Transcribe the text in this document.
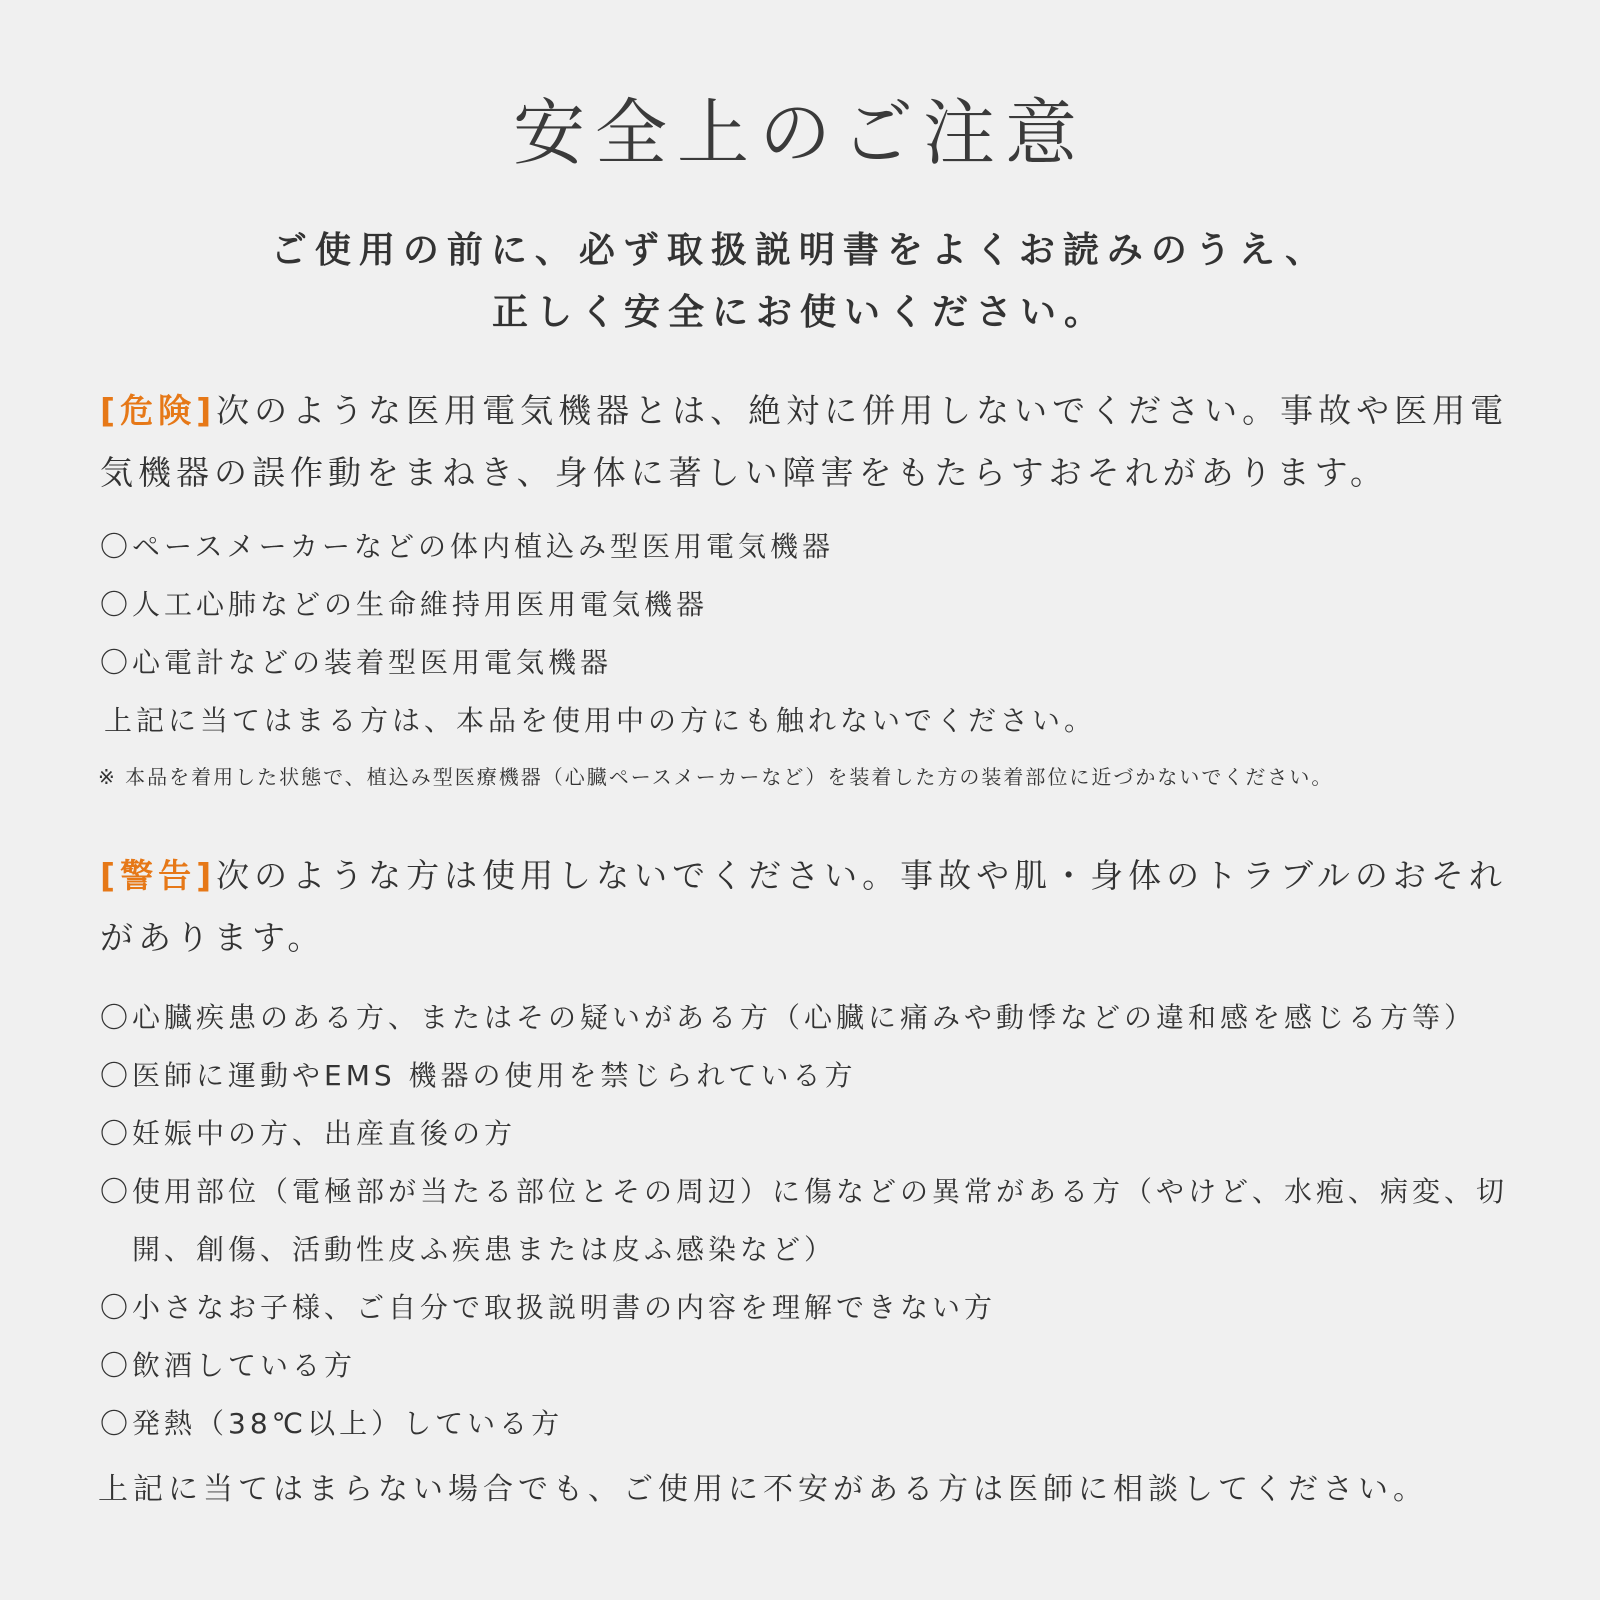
安全上のご注意
ご使用の前に、必ず取扱説明書をよくお読みのうえ、
正しく安全にお使いください。

[危険]次のような医用電気機器とは、絶対に併用しないでください。事故や医用電気機器の誤作動をまねき、身体に著しい障害をもたらすおそれがあります。

〇ペースメーカーなどの体内植込み型医用電気機器
〇人工心肺などの生命維持用医用電気機器
〇心電計などの装着型医用電気機器

上記に当てはまる方は、本品を使用中の方にも触れないでください。

※ 本品を着用した状態で、植込み型医療機器（心臓ペースメーカーなど）を装着した方の装着部位に近づかないでください。

[警告]次のような方は使用しないでください。事故や肌・身体のトラブルのおそれがあります。

〇心臓疾患のある方、またはその疑いがある方（心臓に痛みや動悸などの違和感を感じる方等）
〇医師に運動やEMS 機器の使用を禁じられている方
〇妊娠中の方、出産直後の方
〇使用部位（電極部が当たる部位とその周辺）に傷などの異常がある方（やけど、水疱、病変、切開、創傷、活動性皮ふ疾患または皮ふ感染など）
〇小さなお子様、ご自分で取扱説明書の内容を理解できない方
〇飲酒している方
〇発熱（38℃以上）している方

上記に当てはまらない場合でも、ご使用に不安がある方は医師に相談してください。
